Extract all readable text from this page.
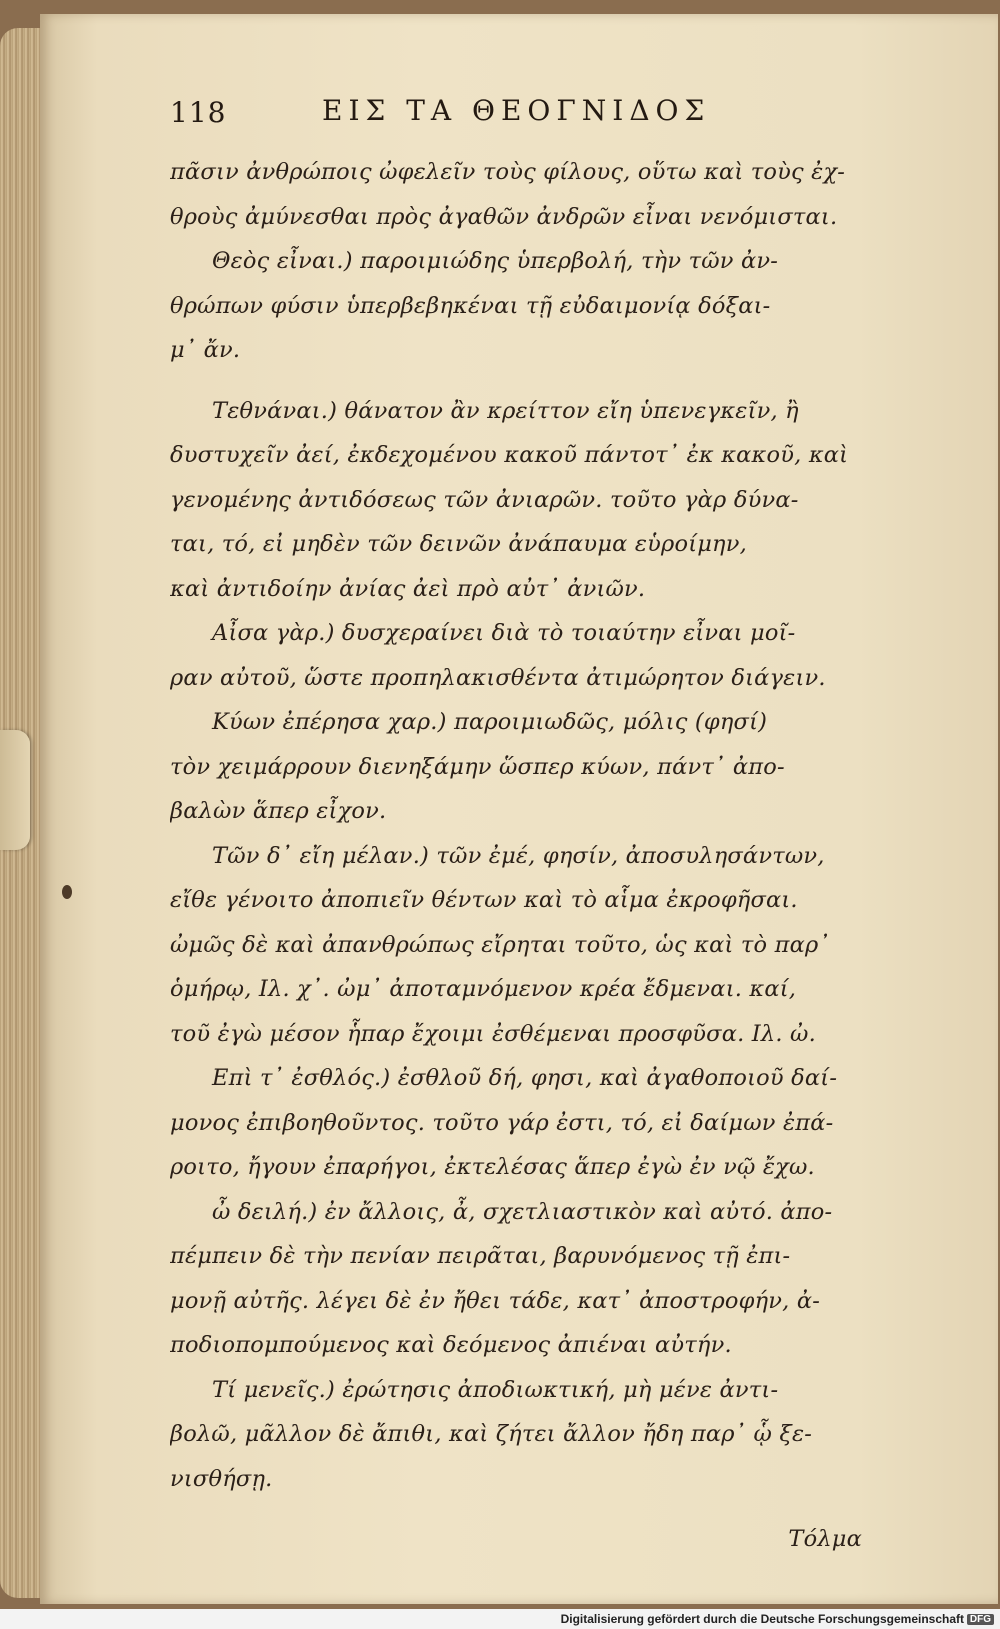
118	ΕΙΣ ΤΑ ΘΕΟΓΝΙΔΟΣ
πᾶσιν ἀνθρώποις ὠφελεῖν τοὺς φίλους, οὕτω καὶ τοὺς ἐχ-
θροὺς ἀμύνεσθαι πρὸς ἀγαθῶν ἀνδρῶν εἶναι νενόμισται.
Θεὸς εἶναι.) παροιμιώδης ὑπερβολή, τὴν τῶν ἀν-
θρώπων φύσιν ὑπερβεβηκέναι τῇ εὐδαιμονίᾳ δόξαι-
μ᾽ ἄν.
Τεθνάναι.) θάνατον ἂν κρείττον εἴη ὑπενεγκεῖν, ἢ
δυστυχεῖν ἀεί, ἐκδεχομένου κακοῦ πάντοτ᾽ ἐκ κακοῦ, καὶ
γενομένης ἀντιδόσεως τῶν ἀνιαρῶν. τοῦτο γὰρ δύνα-
ται, τό, εἰ μηδὲν τῶν δεινῶν ἀνάπαυμα εὑροίμην,
καὶ ἀντιδοίην ἀνίας ἀεὶ πρὸ αὐτ᾽ ἀνιῶν.
Αἶσα γὰρ.) δυσχεραίνει διὰ τὸ τοιαύτην εἶναι μοῖ-
ραν αὐτοῦ, ὥστε προπηλακισθέντα ἀτιμώρητον διάγειν.
Κύων ἐπέρησα χαρ.) παροιμιωδῶς, μόλις (φησί)
τὸν χειμάρρουν διενηξάμην ὥσπερ κύων, πάντ᾽ ἀπο-
βαλὼν ἅπερ εἶχον.
Τῶν δ᾽ εἴη μέλαν.) τῶν ἐμέ, φησίν, ἀποσυλησάντων,
εἴθε γένοιτο ἀποπιεῖν θέντων καὶ τὸ αἷμα ἐκροφῆσαι.
ὠμῶς δὲ καὶ ἀπανθρώπως εἴρηται τοῦτο, ὡς καὶ τὸ παρ᾽
ὁμήρῳ, Ιλ. χ᾽. ὠμ᾽ ἀποταμνόμενον κρέα ἔδμεναι. καί,
τοῦ ἐγὼ μέσον ἧπαρ ἔχοιμι ἐσθέμεναι προσφῦσα. Ιλ. ὠ.
Επὶ τ᾽ ἐσθλός.) ἐσθλοῦ δή, φησι, καὶ ἀγαθοποιοῦ δαί-
μονος ἐπιβοηθοῦντος. τοῦτο γάρ ἐστι, τό, εἰ δαίμων ἐπά-
ροιτο, ἤγουν ἐπαρήγοι, ἐκτελέσας ἅπερ ἐγὼ ἐν νῷ ἔχω.
ὦ δειλή.) ἐν ἄλλοις, ἆ, σχετλιαστικὸν καὶ αὐτό. ἀπο-
πέμπειν δὲ τὴν πενίαν πειρᾶται, βαρυνόμενος τῇ ἐπι-
μονῇ αὐτῆς. λέγει δὲ ἐν ἤθει τάδε, κατ᾽ ἀποστροφήν, ἀ-
ποδιοπομπούμενος καὶ δεόμενος ἀπιέναι αὐτήν.
Τί μενεῖς.) ἐρώτησις ἀποδιωκτική, μὴ μένε ἀντι-
βολῶ, μᾶλλον δὲ ἄπιθι, καὶ ζήτει ἄλλον ἤδη παρ᾽ ᾧ ξε-
νισθήσῃ.
Τόλμα
Digitalisierung gefördert durch die Deutsche Forschungsgemeinschaft DFG
